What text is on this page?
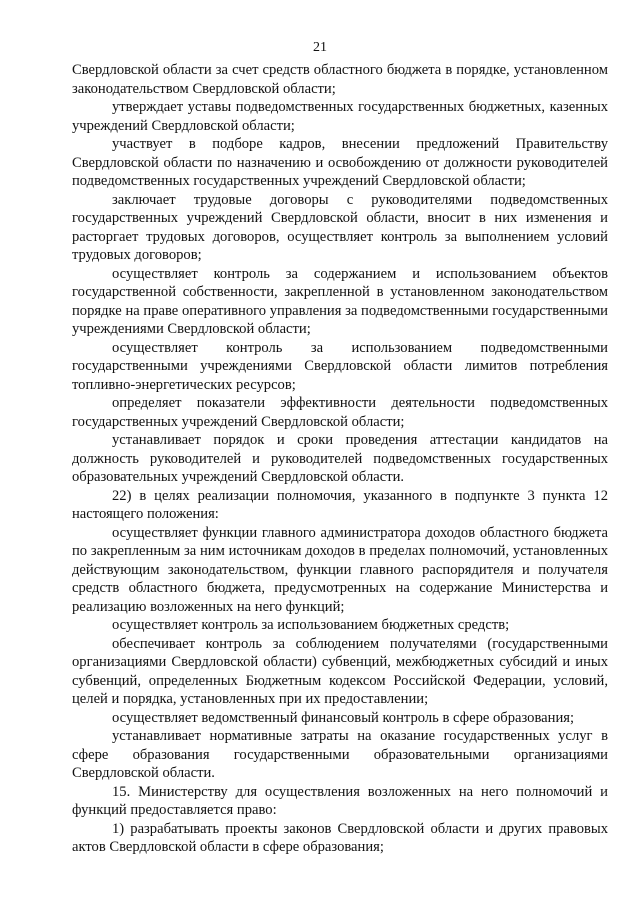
21

Свердловской области за счет средств областного бюджета в порядке, установленном законодательством Свердловской области;

утверждает уставы подведомственных государственных бюджетных, казенных учреждений Свердловской области;

участвует в подборе кадров, внесении предложений Правительству Свердловской области по назначению и освобождению от должности руководителей подведомственных государственных учреждений Свердловской области;

заключает трудовые договоры с руководителями подведомственных государственных учреждений Свердловской области, вносит в них изменения и расторгает трудовых договоров, осуществляет контроль за выполнением условий трудовых договоров;

осуществляет контроль за содержанием и использованием объектов государственной собственности, закрепленной в установленном законодательством порядке на праве оперативного управления за подведомственными государственными учреждениями Свердловской области;

осуществляет контроль за использованием подведомственными государственными учреждениями Свердловской области лимитов потребления топливно-энергетических ресурсов;

определяет показатели эффективности деятельности подведомственных государственных учреждений Свердловской области;

устанавливает порядок и сроки проведения аттестации кандидатов на должность руководителей и руководителей подведомственных государственных образовательных учреждений Свердловской области.

22) в целях реализации полномочия, указанного в подпункте 3 пункта 12 настоящего положения:

осуществляет функции главного администратора доходов областного бюджета по закрепленным за ним источникам доходов в пределах полномочий, установленных действующим законодательством, функции главного распорядителя и получателя средств областного бюджета, предусмотренных на содержание Министерства и реализацию возложенных на него функций;

осуществляет контроль за использованием бюджетных средств;

обеспечивает контроль за соблюдением получателями (государственными организациями Свердловской области) субвенций, межбюджетных субсидий и иных субвенций, определенных Бюджетным кодексом Российской Федерации, условий, целей и порядка, установленных при их предоставлении;

осуществляет ведомственный финансовый контроль в сфере образования;

устанавливает нормативные затраты на оказание государственных услуг в сфере образования государственными образовательными организациями Свердловской области.

15. Министерству для осуществления возложенных на него полномочий и функций предоставляется право:

1) разрабатывать проекты законов Свердловской области и других правовых актов Свердловской области в сфере образования;
